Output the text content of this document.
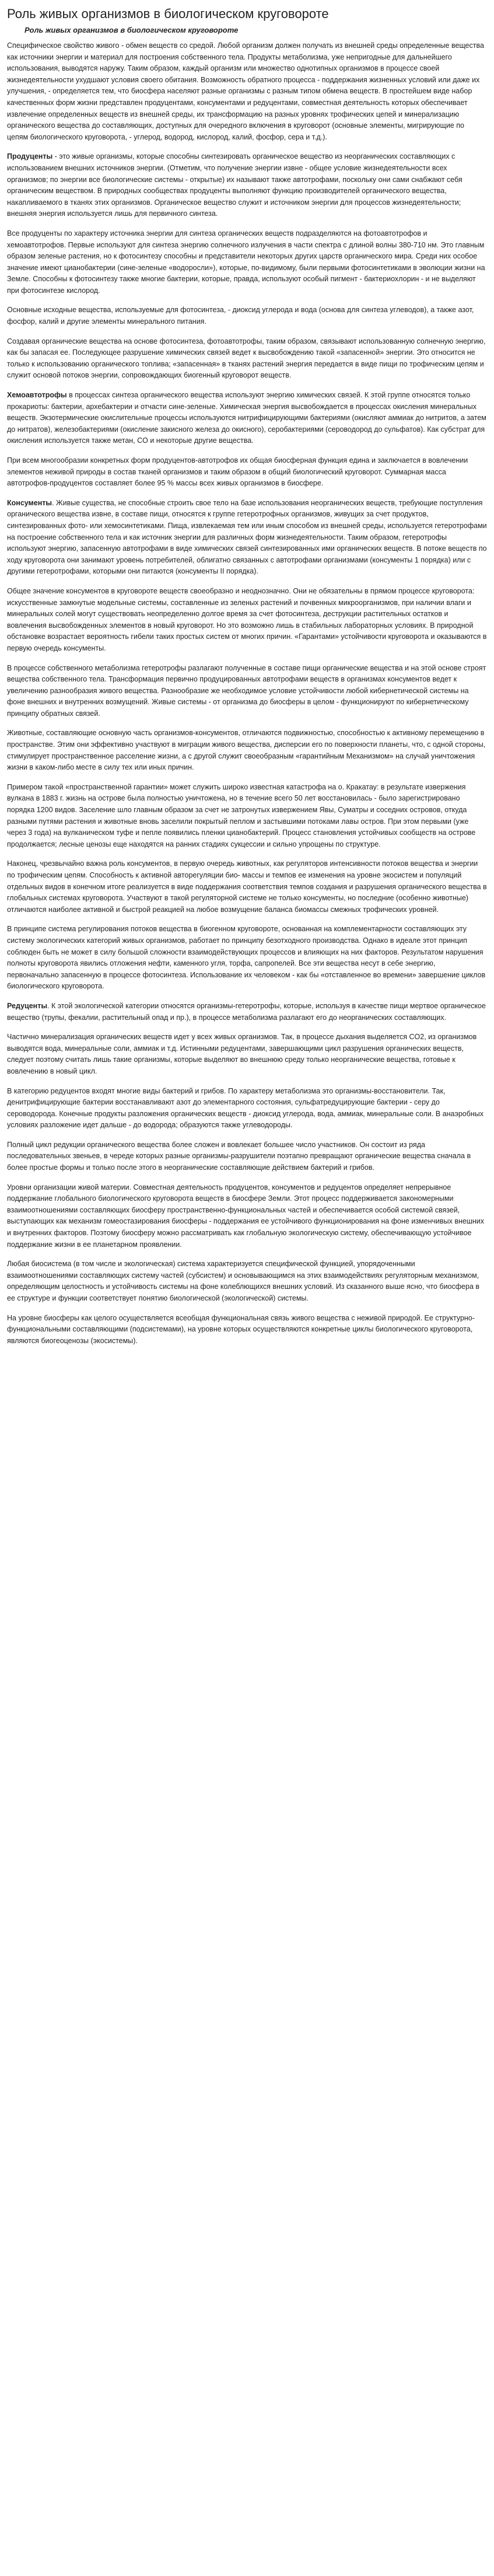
Роль живых организмов в биологическом круговороте
Роль живых организмов в биологическом круговороте

Специфическое свойство живого - обмен веществ со средой. Любой организм должен получать из внешней среды определенные вещества как источники энергии и материал для построения собственного тела. Продукты метаболизма, уже непригодные для дальнейшего использования, выводятся наружу. Таким образом, каждый организм или множество однотипных организмов в процессе своей жизнедеятельности ухудшают условия своего обитания. Возможность обратного процесса - поддержания жизненных условий или даже их улучшения, - определяется тем, что биосфера населяют разные организмы с разным типом обмена веществ. В простейшем виде набор качественных форм жизни представлен продуцентами, консументами и редуцентами, совместная деятельность которых обеспечивает извлечение определенных веществ из внешней среды, их трансформацию на разных уровнях трофических цепей и минерализацию органического вещества до составляющих, доступных для очередного включения в круговорот (основные элементы, мигрирующие по цепям биологического круговорота, - углерод, водород, кислород, калий, фосфор, сера и т.д.).

Продуценты - это живые организмы, которые способны синтезировать органическое вещество из неорганических составляющих с использованием внешних источников энергии. (Отметим, что получение энергии извне - общее условие жизнедеятельности всех организмов; по энергии все биологические системы - открытые) их называют также автотрофами, поскольку они сами снабжают себя органическим веществом. В природных сообществах продуценты выполняют функцию производителей органического вещества, накапливаемого в тканях этих организмов. Органическое вещество служит и источником энергии для процессов жизнедеятельности; внешняя энергия используется лишь для первичного синтеза.

Все продуценты по характеру источника энергии для синтеза органических веществ подразделяются на фотоавтотрофов и хемоавтотрофов. Первые используют для синтеза энергию солнечного излучения в части спектра с длиной волны 380-710 нм. Это главным образом зеленые растения, но к фотосинтезу способны и представители некоторых других царств органического мира. Среди них особое значение имеют цианобактерии (сине-зеленые «водоросли»), которые, по-видимому, были первыми фотосинтетиками в эволюции жизни на Земле. Способны к фотосинтезу также многие бактерии, которые, правда, используют особый пигмент - бактериохлорин - и не выделяют при фотосинтезе кислород.

Основные исходные вещества, используемые для фотосинтеза, - диоксид углерода и вода (основа для синтеза углеводов), а также азот, фосфор, калий и другие элементы минерального питания.

Создавая органические вещества на основе фотосинтеза, фотоавтотрофы, таким образом, связывают использованную солнечную энергию, как бы запасая ее. Последующее разрушение химических связей ведет к высвобождению такой «запасенной» энергии. Это относится не только к использованию органического топлива; «запасенная» в тканях растений энергия передается в виде пищи по трофическим цепям и служит основой потоков энергии, сопровождающих биогенный круговорот веществ.

Хемоавтотрофы в процессах синтеза органического вещества используют энергию химических связей. К этой группе относятся только прокариоты: бактерии, архебактерии и отчасти сине-зеленые. Химическая энергия высвобождается в процессах окисления минеральных веществ. Экзотермические окислительные процессы используются нитрифицирующими бактериями (окисляют аммиак до нитритов, а затем до нитратов), железобактериями (окисление закисного железа до окисного), серобактериями (сероводород до сульфатов). Как субстрат для окисления используется также метан, CO и некоторые другие вещества.

При всем многообразии конкретных форм продуцентов-автотрофов их общая биосферная функция едина и заключается в вовлечении элементов неживой природы в состав тканей организмов и таким образом в общий биологический круговорот. Суммарная масса автотрофов-продуцентов составляет более 95 % массы всех живых организмов в биосфере.

Консументы. Живые существа, не способные строить свое тело на базе использования неорганических веществ, требующие поступления органического вещества извне, в составе пищи, относятся к группе гетеротрофных организмов, живущих за счет продуктов, синтезированных фото- или хемосинтетиками. Пища, извлекаемая тем или иным способом из внешней среды, используется гетеротрофами на построение собственного тела и как источник энергии для различных форм жизнедеятельности. Таким образом, гетеротрофы используют энергию, запасенную автотрофами в виде химических связей синтезированных ими органических веществ. В потоке веществ по ходу круговорота они занимают уровень потребителей, облигатно связанных с автотрофами организмами (консументы 1 порядка) или с другими гетеротрофами, которыми они питаются (консументы II порядка).

Общее значение консументов в круговороте веществ своеобразно и неоднозначно. Они не обязательны в прямом процессе круговорота: искусственные замкнутые модельные системы, составленные из зеленых растений и почвенных микроорганизмов, при наличии влаги и минеральных солей могут существовать неопределенно долгое время за счет фотосинтеза, деструкции растительных остатков и вовлечения высвобожденных элементов в новый круговорот. Но это возможно лишь в стабильных лабораторных условиях. В природной обстановке возрастает вероятность гибели таких простых систем от многих причин. «Гарантами» устойчивости круговорота и оказываются в первую очередь консументы.

В процессе собственного метаболизма гетеротрофы разлагают полученные в составе пищи органические вещества и на этой основе строят вещества собственного тела. Трансформация первично продуцированных автотрофами веществ в организмах консументов ведет к увеличению разнообразия живого вещества. Разнообразие же необходимое условие устойчивости любой кибернетической системы на фоне внешних и внутренних возмущений. Живые системы - от организма до биосферы в целом - функционируют по кибернетическому принципу обратных связей.

Животные, составляющие основную часть организмов-консументов, отличаются подвижностью, способностью к активному перемещению в пространстве. Этим они эффективно участвуют в миграции живого вещества, дисперсии его по поверхности планеты, что, с одной стороны, стимулирует пространственное расселение жизни, а с другой служит своеобразным «гарантийным Механизмом» на случай уничтожения жизни в каком-либо месте в силу тех или иных причин.

Примером такой «пространственной гарантии» может служить широко известная катастрофа на о. Кракатау: в результате извержения вулкана в 1883 г. жизнь на острове была полностью уничтожена, но в течение всего 50 лет восстановилась - было зарегистрировано порядка 1200 видов. Заселение шло главным образом за счет не затронутых извержением Явы, Суматры и соседних островов, откуда разными путями растения и животные вновь заселили покрытый пеплом и застывшими потоками лавы остров. При этом первыми (уже через 3 года) на вулканическом туфе и пепле появились пленки цианобактерий. Процесс становления устойчивых сообществ на острове продолжается; лесные ценозы еще находятся на ранних стадиях сукцессии и сильно упрощены по структуре.

Наконец, чрезвычайно важна роль консументов, в первую очередь животных, как регуляторов интенсивности потоков вещества и энергии по трофическим цепям. Способность к активной авторегуляции био- массы и темпов ее изменения на уровне экосистем и популяций отдельных видов в конечном итоге реализуется в виде поддержания соответствия темпов создания и разрушения органического вещества в глобальных системах круговорота. Участвуют в такой регуляторной системе не только консументы, но последние (особенно животные) отличаются наиболее активной и быстрой реакцией на любое возмущение баланса биомассы смежных трофических уровней.

В принципе система регулирования потоков вещества в биогенном круговороте, основанная на комплементарности составляющих эту систему экологических категорий живых организмов, работает по принципу безотходного производства. Однако в идеале этот принцип соблюден быть не может в силу большой сложности взаимодействующих процессов и влияющих на них факторов. Результатом нарушения полноты круговорота явились отложения нефти, каменного угля, торфа, сапропелей. Все эти вещества несут в себе энергию, первоначально запасенную в процессе фотосинтеза. Использование их человеком - как бы «отставленное во времени» завершение циклов биологического круговорота.

Редуценты. К этой экологической категории относятся организмы-гетеротрофы, которые, используя в качестве пищи мертвое органическое вещество (трупы, фекалии, растительный опад и пр.), в процессе метаболизма разлагают его до неорганических составляющих.

Частично минерализация органических веществ идет у всех живых организмов. Так, в процессе дыхания выделяется CO2, из организмов выводятся вода, минеральные соли, аммиак и т.д. Истинными редуцентами, завершающими цикл разрушения органических веществ, следует поэтому считать лишь такие организмы, которые выделяют во внешнюю среду только неорганические вещества, готовые к вовлечению в новый цикл.

В категорию редуцентов входят многие виды бактерий и грибов. По характеру метаболизма это организмы-восстановители. Так, денитрифицирующие бактерии восстанавливают азот до элементарного состояния, сульфатредуцирующие бактерии - серу до сероводорода. Конечные продукты разложения органических веществ - диоксид углерода, вода, аммиак, минеральные соли. В анаэробных условиях разложение идет дальше - до водорода; образуются также углеводороды.

Полный цикл редукции органического вещества более сложен и вовлекает большее число участников. Он состоит из ряда последовательных звеньев, в череде которых разные организмы-разрушители поэтапно превращают органические вещества сначала в более простые формы и только после этого в неорганические составляющие действием бактерий и грибов.

Уровни организации живой материи. Совместная деятельность продуцентов, консументов и редуцентов определяет непрерывное поддержание глобального биологического круговорота веществ в биосфере Земли. Этот процесс поддерживается закономерными взаимоотношениями составляющих биосферу пространственно-функциональных частей и обеспечивается особой системой связей, выступающих как механизм гомеостазирования биосферы - поддержания ее устойчивого функционирования на фоне изменчивых внешних и внутренних факторов. Поэтому биосферу можно рассматривать как глобальную экологическую систему, обеспечивающую устойчивое поддержание жизни в ее планетарном проявлении.

Любая биосистема (в том числе и экологическая) система характеризуется специфической функцией, упорядоченными взаимоотношениями составляющих систему частей (субсистем) и основывающимся на этих взаимодействиях регуляторным механизмом, определяющим целостность и устойчивость системы на фоне колеблющихся внешних условий. Из сказанного выше ясно, что биосфера в ее структуре и функции соответствует понятию биологической (экологической) системы.

На уровне биосферы как целого осуществляется всеобщая функциональная связь живого вещества с неживой природой. Ее структурно-функциональными составляющими (подсистемами), на уровне которых осуществляются конкретные циклы биологического круговорота, являются биогеоценозы (экосистемы).
